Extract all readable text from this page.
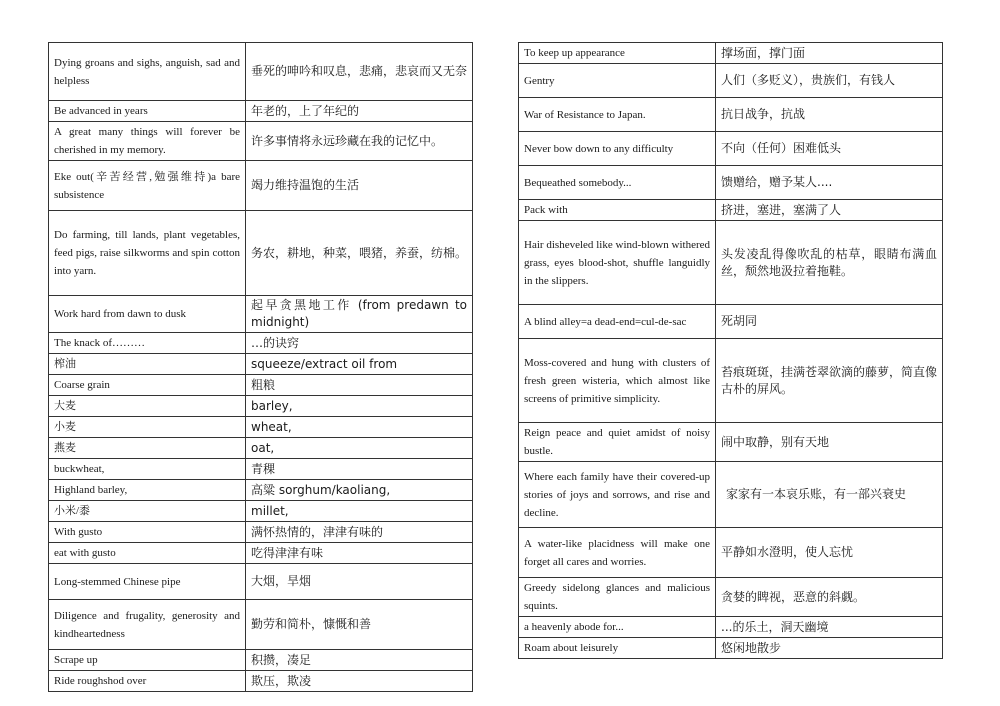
Dying groans and sighs, anguish, sad and helpless	垂死的呻吟和叹息，悲痛，悲哀而又无奈
Be advanced in years	年老的，上了年纪的
A great many things will forever be cherished in my memory.	许多事情将永远珍藏在我的记忆中。
Eke out(辛苦经营,勉强维持)a bare subsistence	竭力维持温饱的生活
Do farming, till lands, plant vegetables, feed pigs, raise silkworms and spin cotton into yarn.	务农，耕地，种菜，喂猪，养蚕，纺棉。
Work hard from dawn to dusk	起早贪黑地工作 (from predawn to midnight)
The knack of………	…的诀窍
榨油	squeeze/extract oil from
Coarse grain	粗粮
大麦	barley,
小麦	wheat,
燕麦	oat,
buckwheat,	青稞
Highland barley,	高粱 sorghum/kaoliang,
小米/黍	millet,
With gusto	满怀热情的，津津有味的
eat with gusto	吃得津津有味
Long-stemmed Chinese pipe	大烟，旱烟
Diligence and frugality, generosity and kindheartedness	勤劳和简朴，慷慨和善
Scrape up	积攒，凑足
Ride roughshod over	欺压，欺凌
To keep up appearance	撑场面，撑门面
Gentry	人们（多贬义），贵族们，有钱人
War of Resistance to Japan.	抗日战争，抗战
Never bow down to any difficulty	不向（任何）困难低头
Bequeathed somebody...	馈赠给，赠予某人....
Pack with	挤进，塞进，塞满了人
Hair disheveled like wind-blown withered grass, eyes blood-shot, shuffle languidly in the slippers.	头发凌乱得像吹乱的枯草，眼睛布满血丝，颓然地汲拉着拖鞋。
A blind alley=a dead-end=cul-de-sac	死胡同
Moss-covered and hung with clusters of fresh green wisteria, which almost like screens of primitive simplicity.	苔痕斑斑，挂满苍翠欲滴的藤萝，简直像古朴的屏风。
Reign peace and quiet amidst of noisy bustle.	闹中取静，别有天地
Where each family have their covered-up stories of joys and sorrows, and rise and decline.	家家有一本哀乐账，有一部兴衰史
A water-like placidness will make one forget all cares and worries.	平静如水澄明，使人忘忧
Greedy sidelong glances and malicious squints.	贪婪的睥视，恶意的斜觑。
a heavenly abode for...	...的乐土，洞天幽境
Roam about leisurely	悠闲地散步
